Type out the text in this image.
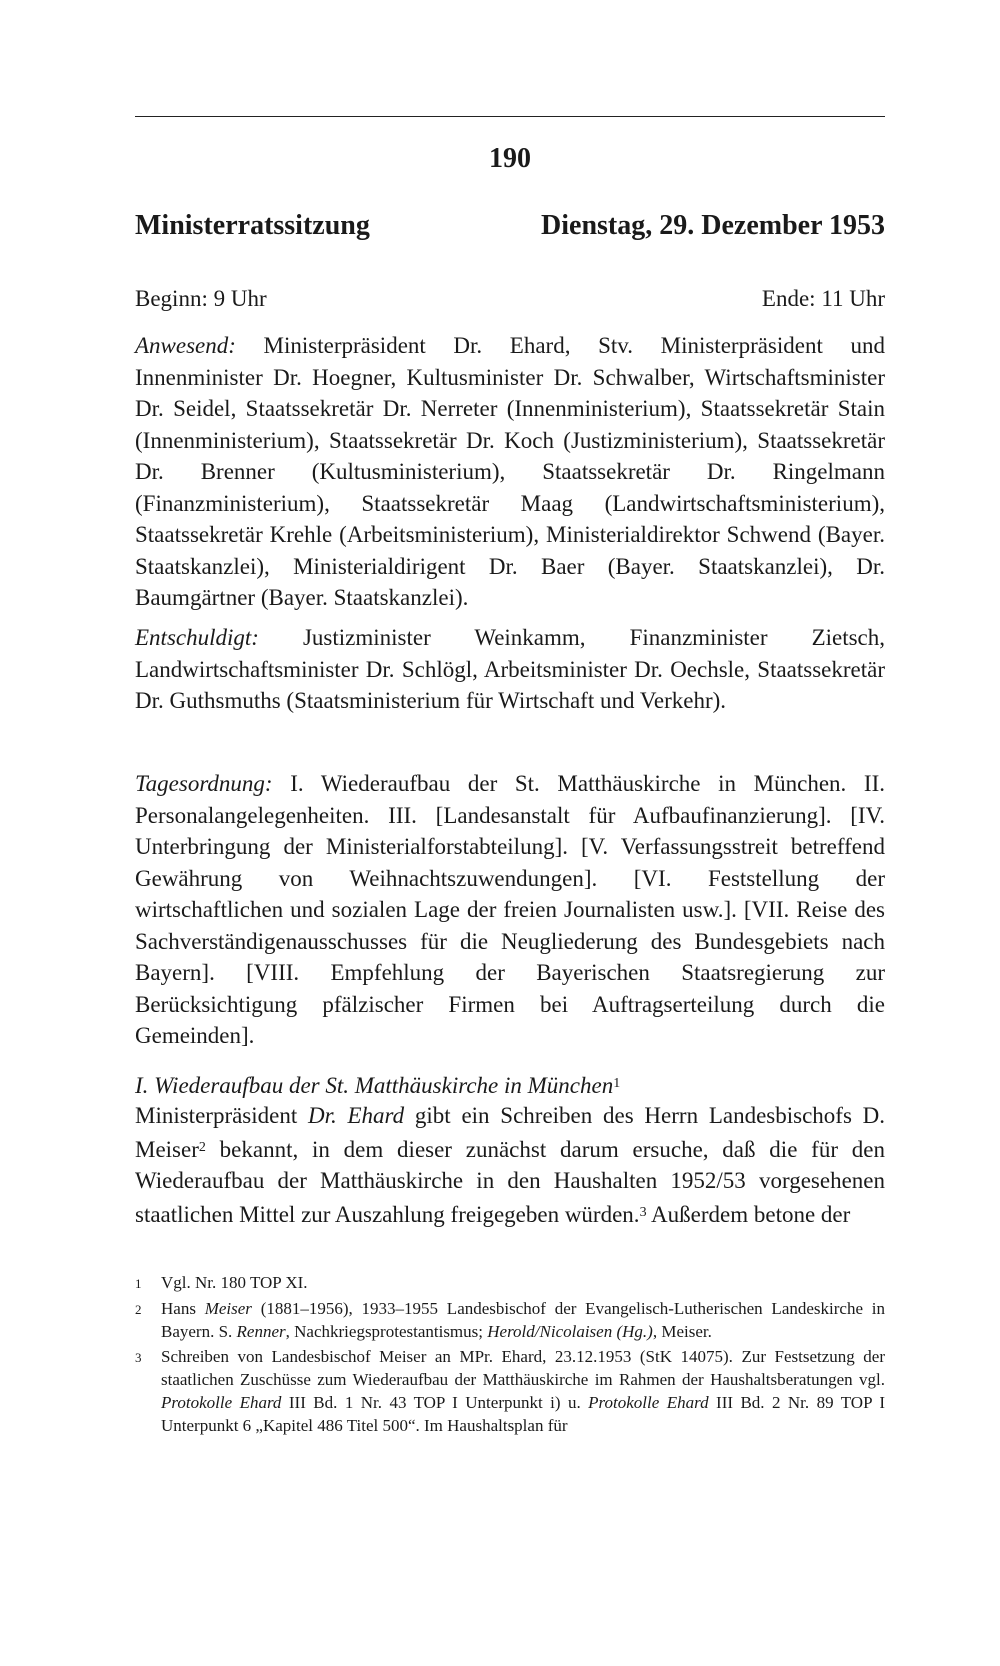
190
Ministerratssitzung	Dienstag, 29. Dezember 1953
Beginn: 9 Uhr	Ende: 11 Uhr
Anwesend: Ministerpräsident Dr. Ehard, Stv. Ministerpräsident und Innenminister Dr. Hoegner, Kultusminister Dr. Schwalber, Wirtschaftsminister Dr. Seidel, Staatssekretär Dr. Nerreter (Innenministerium), Staatssekretär Stain (Innenministerium), Staatssekretär Dr. Koch (Justizministerium), Staatssekretär Dr. Brenner (Kultusministerium), Staatssekretär Dr. Ringelmann (Finanzministerium), Staatssekretär Maag (Landwirtschaftsministerium), Staatssekretär Krehle (Arbeitsministerium), Ministerialdirektor Schwend (Bayer. Staatskanzlei), Ministerialdirigent Dr. Baer (Bayer. Staatskanzlei), Dr. Baumgärtner (Bayer. Staatskanzlei).
Entschuldigt: Justizminister Weinkamm, Finanzminister Zietsch, Landwirtschaftsminister Dr. Schlögl, Arbeitsminister Dr. Oechsle, Staatssekretär Dr. Guthsmuths (Staatsministerium für Wirtschaft und Verkehr).
Tagesordnung: I. Wiederaufbau der St. Matthäuskirche in München. II. Personalangelegenheiten. III. [Landesanstalt für Aufbaufinanzierung]. [IV. Unterbringung der Ministerialforstabteilung]. [V. Verfassungsstreit betreffend Gewährung von Weihnachtszuwendungen]. [VI. Feststellung der wirtschaftlichen und sozialen Lage der freien Journalisten usw.]. [VII. Reise des Sachverständigenausschusses für die Neugliederung des Bundesgebiets nach Bayern]. [VIII. Empfehlung der Bayerischen Staatsregierung zur Berücksichtigung pfälzischer Firmen bei Auftragserteilung durch die Gemeinden].
I. Wiederaufbau der St. Matthäuskirche in München$^1$
Ministerpräsident Dr. Ehard gibt ein Schreiben des Herrn Landesbischofs D. Meiser$^2$ bekannt, in dem dieser zunächst darum ersuche, daß die für den Wiederaufbau der Matthäuskirche in den Haushalten 1952/53 vorgesehenen staatlichen Mittel zur Auszahlung freigegeben würden.$^3$ Außerdem betone der
1	Vgl. Nr. 180 TOP XI.
2	Hans Meiser (1881–1956), 1933–1955 Landesbischof der Evangelisch-Lutherischen Landeskirche in Bayern. S. Renner, Nachkriegsprotestantismus; Herold/Nicolaisen (Hg.), Meiser.
3	Schreiben von Landesbischof Meiser an MPr. Ehard, 23.12.1953 (StK 14075). Zur Festsetzung der staatlichen Zuschüsse zum Wiederaufbau der Matthäuskirche im Rahmen der Haushaltsberatungen vgl. Protokolle Ehard III Bd. 1 Nr. 43 TOP I Unterpunkt i) u. Protokolle Ehard III Bd. 2 Nr. 89 TOP I Unterpunkt 6 „Kapitel 486 Titel 500“. Im Haushaltsplan für
